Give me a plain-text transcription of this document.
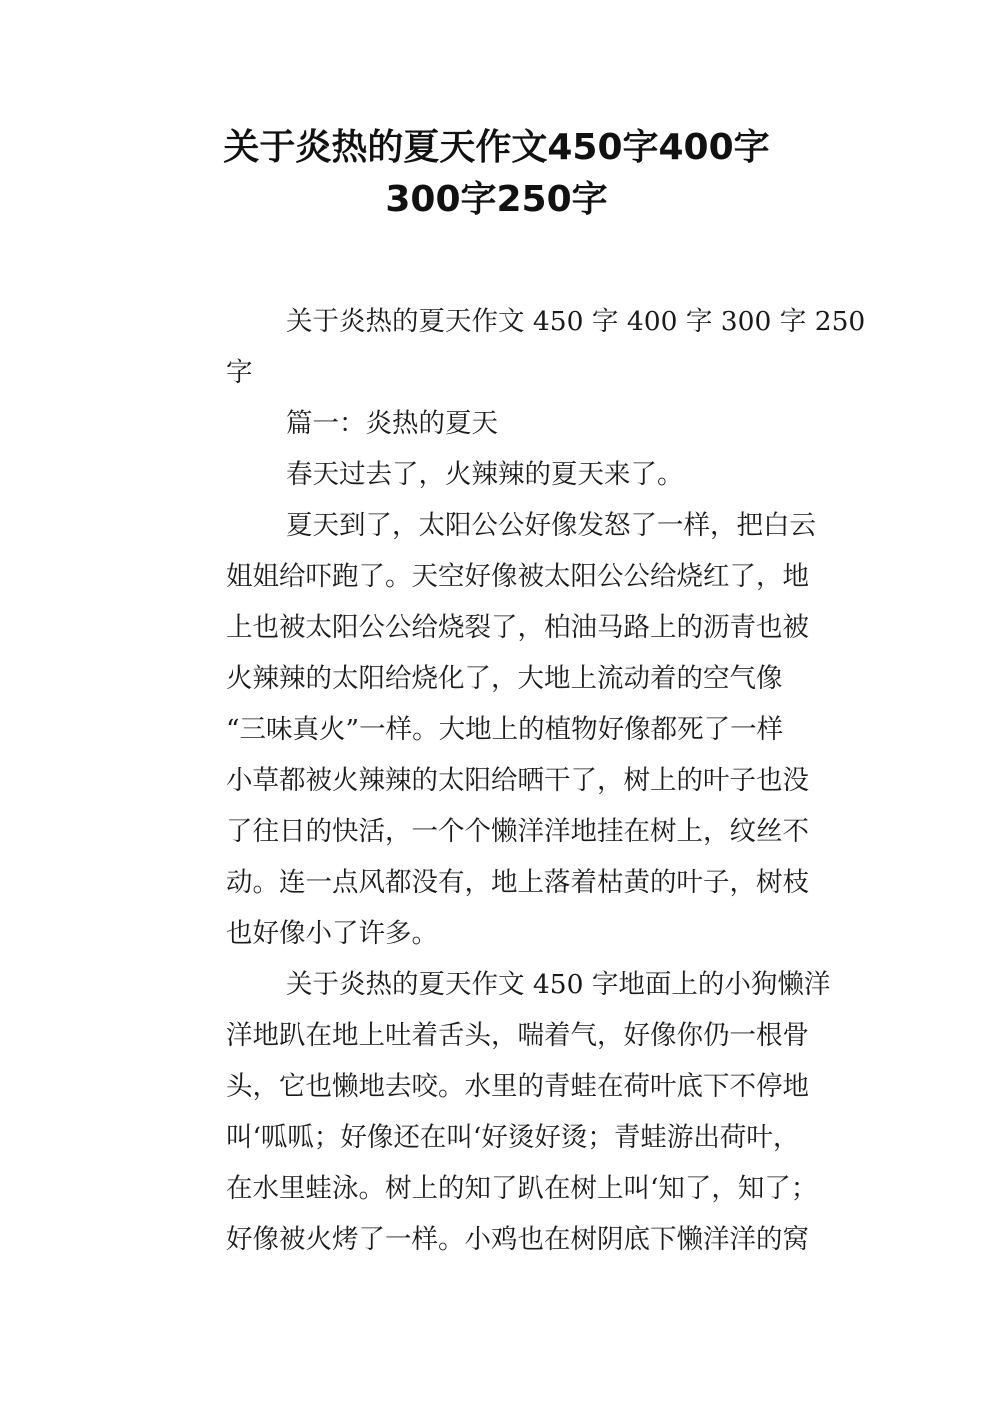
关于炎热的夏天作文450字400字
300字250字
关于炎热的夏天作文 450 字 400 字 300 字 250
字
篇一：炎热的夏天
春天过去了，火辣辣的夏天来了。
夏天到了，太阳公公好像发怒了一样，把白云
姐姐给吓跑了。天空好像被太阳公公给烧红了，地
上也被太阳公公给烧裂了，柏油马路上的沥青也被
火辣辣的太阳给烧化了，大地上流动着的空气像
“三味真火”一样。大地上的植物好像都死了一样
小草都被火辣辣的太阳给晒干了，树上的叶子也没
了往日的快活，一个个懒洋洋地挂在树上，纹丝不
动。连一点风都没有，地上落着枯黄的叶子，树枝
也好像小了许多。
关于炎热的夏天作文 450 字地面上的小狗懒洋
洋地趴在地上吐着舌头，喘着气，好像你仍一根骨
头，它也懒地去咬。水里的青蛙在荷叶底下不停地
叫‘呱呱；好像还在叫‘好烫好烫；青蛙游出荷叶，
在水里蛙泳。树上的知了趴在树上叫‘知了，知了；
好像被火烤了一样。小鸡也在树阴底下懒洋洋的窝
